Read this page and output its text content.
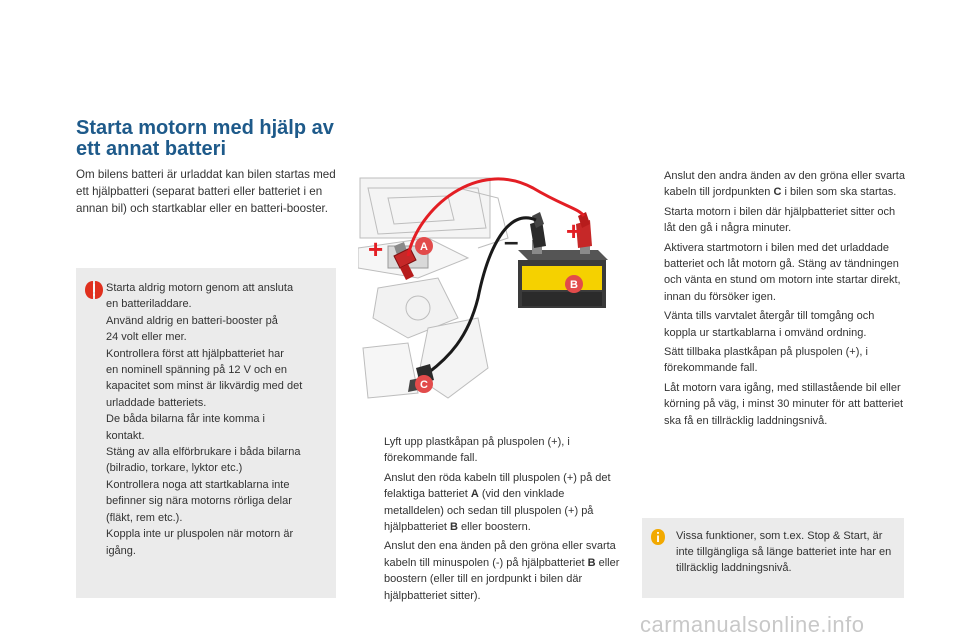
Starta motorn med hjälp av
ett annat batteri
Om bilens batteri är urladdat kan bilen startas med ett hjälpbatteri (separat batteri eller batteriet i en annan bil) och startkablar eller en batteri-booster.
Starta aldrig motorn genom att ansluta
en batteriladdare.
Använd aldrig en batteri-booster på
24 volt eller mer.
Kontrollera först att hjälpbatteriet har
en nominell spänning på 12 V och en
kapacitet som minst är likvärdig med det
urladdade batteriets.
De båda bilarna får inte komma i
kontakt.
Stäng av alla elförbrukare i båda bilarna
(bilradio, torkare, lyktor etc.)
Kontrollera noga att startkablarna inte
befinner sig nära motorns rörliga delar
(fläkt, rem etc.).
Koppla inte ur pluspolen när motorn är
igång.
+
+
–
A
B
C
Lyft upp plastkåpan på pluspolen (+), i förekommande fall.
Anslut den röda kabeln till pluspolen (+) på det felaktiga batteriet A (vid den vinklade metalldelen) och sedan till pluspolen (+) på hjälpbatteriet B eller boostern.
Anslut den ena änden på den gröna eller svarta kabeln till minuspolen (-) på hjälpbatteriet B eller boostern (eller till en jordpunkt i bilen där hjälpbatteriet sitter).
Anslut den andra änden av den gröna eller svarta kabeln till jordpunkten C i bilen som ska startas.
Starta motorn i bilen där hjälpbatteriet sitter och låt den gå i några minuter.
Aktivera startmotorn i bilen med det urladdade batteriet och låt motorn gå. Stäng av tändningen och vänta en stund om motorn inte startar direkt, innan du försöker igen.
Vänta tills varvtalet återgår till tomgång och koppla ur startkablarna i omvänd ordning.
Sätt tillbaka plastkåpan på pluspolen (+), i förekommande fall.
Låt motorn vara igång, med stillastående bil eller körning på väg, i minst 30 minuter för att batteriet ska få en tillräcklig laddningsnivå.
Vissa funktioner, som t.ex. Stop & Start, är inte tillgängliga så länge batteriet inte har en tillräcklig laddningsnivå.
carmanualsonline.info
